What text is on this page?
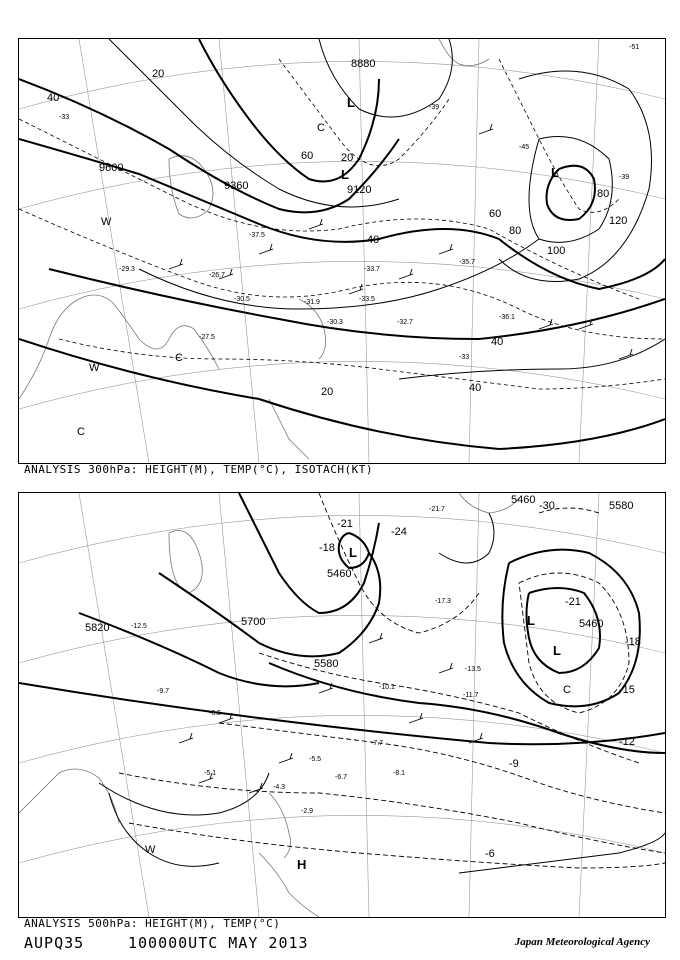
9600
9360	9120
8880
20
20
40
40
60
60
80
80
100
120
40
40
20
-33
-39
-45
-51
-39
-33
-29.3
-27.5
-26.7
-30.5
-33.7
-35.7
-36.1
-33.5
-32.7
-31.9
-30.3
-37.5
L
L	L
C
C
W
W
C
ANALYSIS 300hPa: HEIGHT(M), TEMP(°C), ISOTACH(KT)
5820	5700
5580
5460
5460
5460
5580
-24
-21
-18
-15
-12
-9
-6
-30
-21
-18
-12.5
-9.7
-6.5
-5.1
-4.3
-2.9
-17.3
-21.7
-13.5
-11.7
-10.1
-8.1
-7.7
-6.7
-5.5
L
L
C
W
H
L
ANALYSIS 500hPa: HEIGHT(M), TEMP(°C)
AUPQ35	100000UTC MAY 2013	Japan Meteorological Agency
